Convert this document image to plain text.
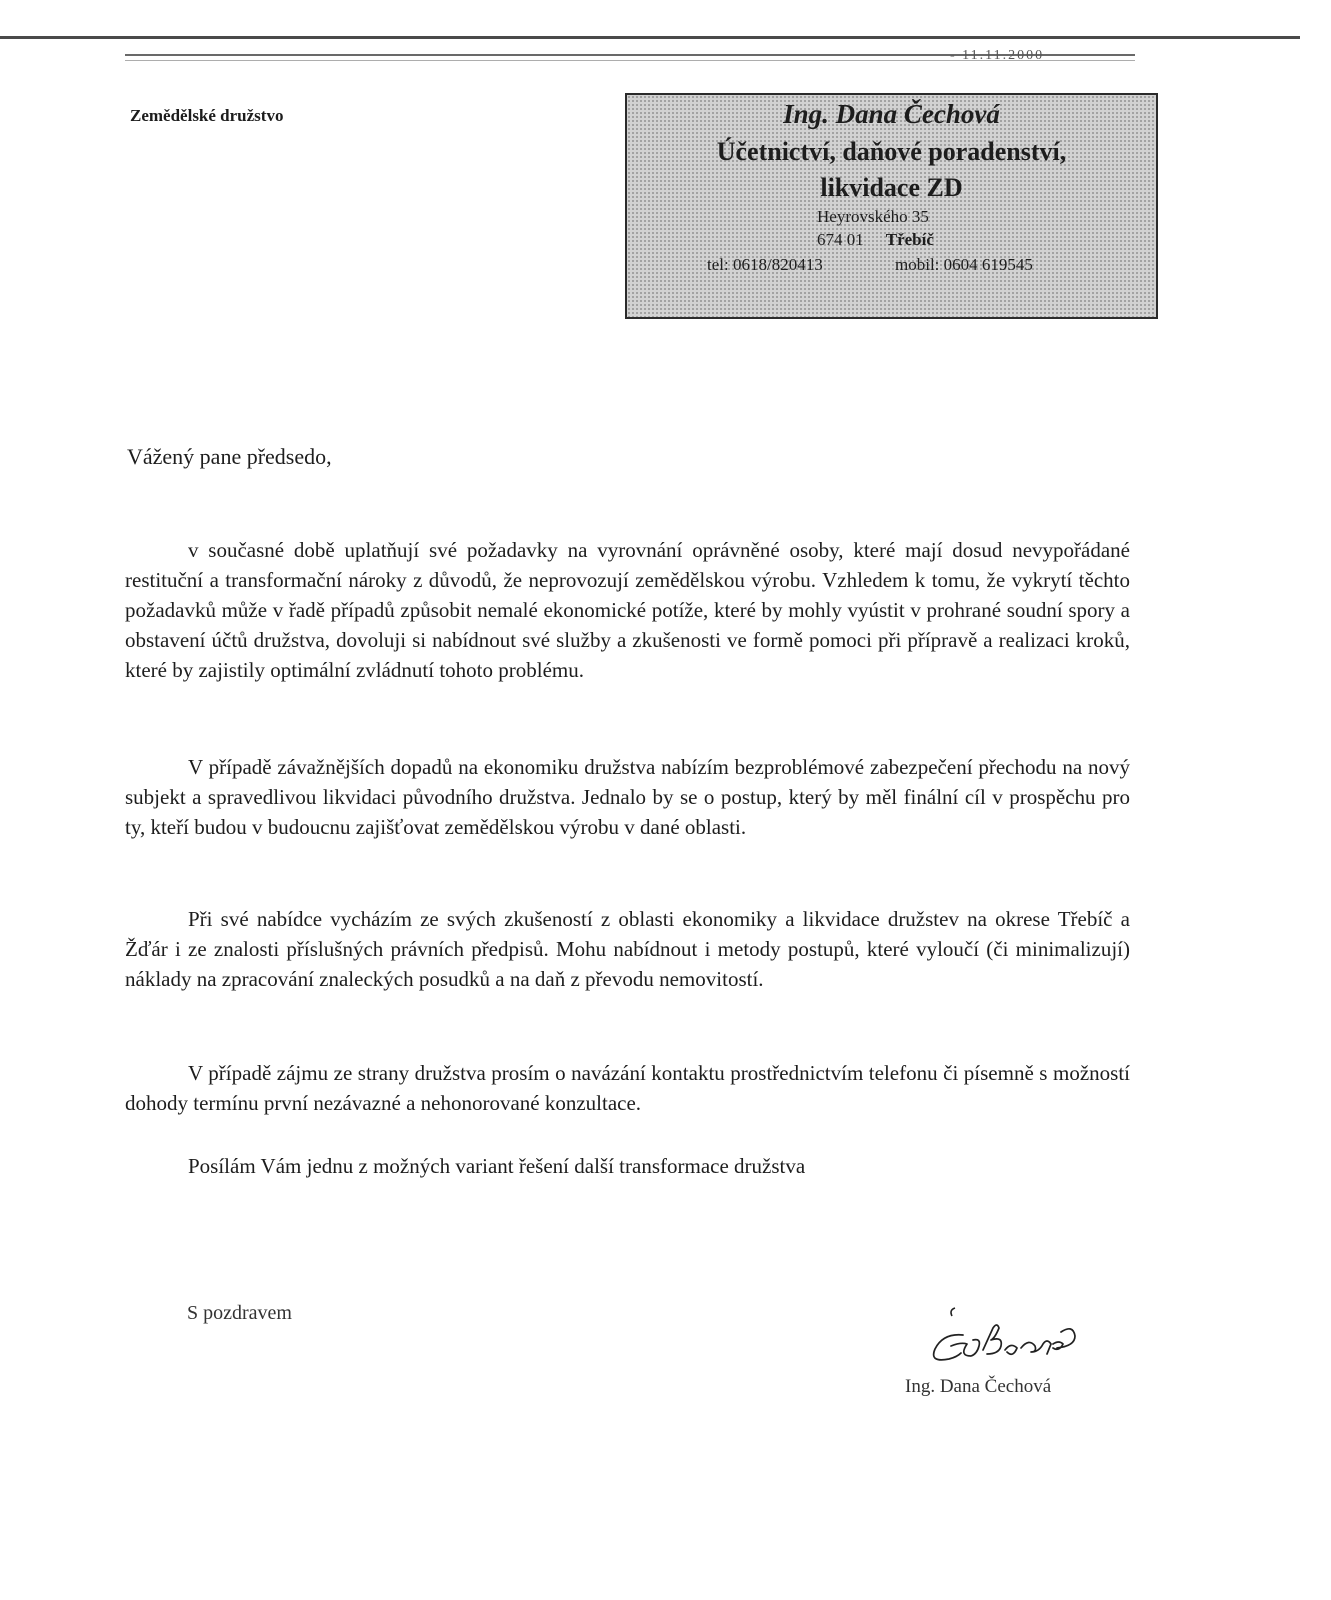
- 11.11.2000
Zemědělské družstvo	Ing. Dana Čechová
Účetnictví, daňové poradenství,
likvidace ZD
Heyrovského 35
674 01 Třebíč
tel: 0618/820413	mobil: 0604 619545
Vážený pane předsedo,

v současné době uplatňují své požadavky na vyrovnání oprávněné osoby, které mají dosud nevypořádané restituční a transformační nároky z důvodů, že neprovozují zemědělskou výrobu. Vzhledem k tomu, že vykrytí těchto požadavků může v řadě případů způsobit nemalé ekonomické potíže, které by mohly vyústit v prohrané soudní spory a obstavení účtů družstva, dovoluji si nabídnout své služby a zkušenosti ve formě pomoci při přípravě a realizaci kroků, které by zajistily optimální zvládnutí tohoto problému.

V případě závažnějších dopadů na ekonomiku družstva nabízím bezproblémové zabezpečení přechodu na nový subjekt a spravedlivou likvidaci původního družstva. Jednalo by se o postup, který by měl finální cíl v prospěchu pro ty, kteří budou v budoucnu zajišťovat zemědělskou výrobu v dané oblasti.

Při své nabídce vycházím ze svých zkušeností z oblasti ekonomiky a likvidace družstev na okrese Třebíč a Žďár i ze znalosti příslušných právních předpisů. Mohu nabídnout i metody postupů, které vyloučí (či minimalizují) náklady na zpracování znaleckých posudků a na daň z převodu nemovitostí.

V případě zájmu ze strany družstva prosím o navázání kontaktu prostřednictvím telefonu či písemně s možností dohody termínu první nezávazné a nehonorované konzultace.

Posílám Vám jednu z možných variant řešení další transformace družstva

S pozdravem
Ing. Dana Čechová
